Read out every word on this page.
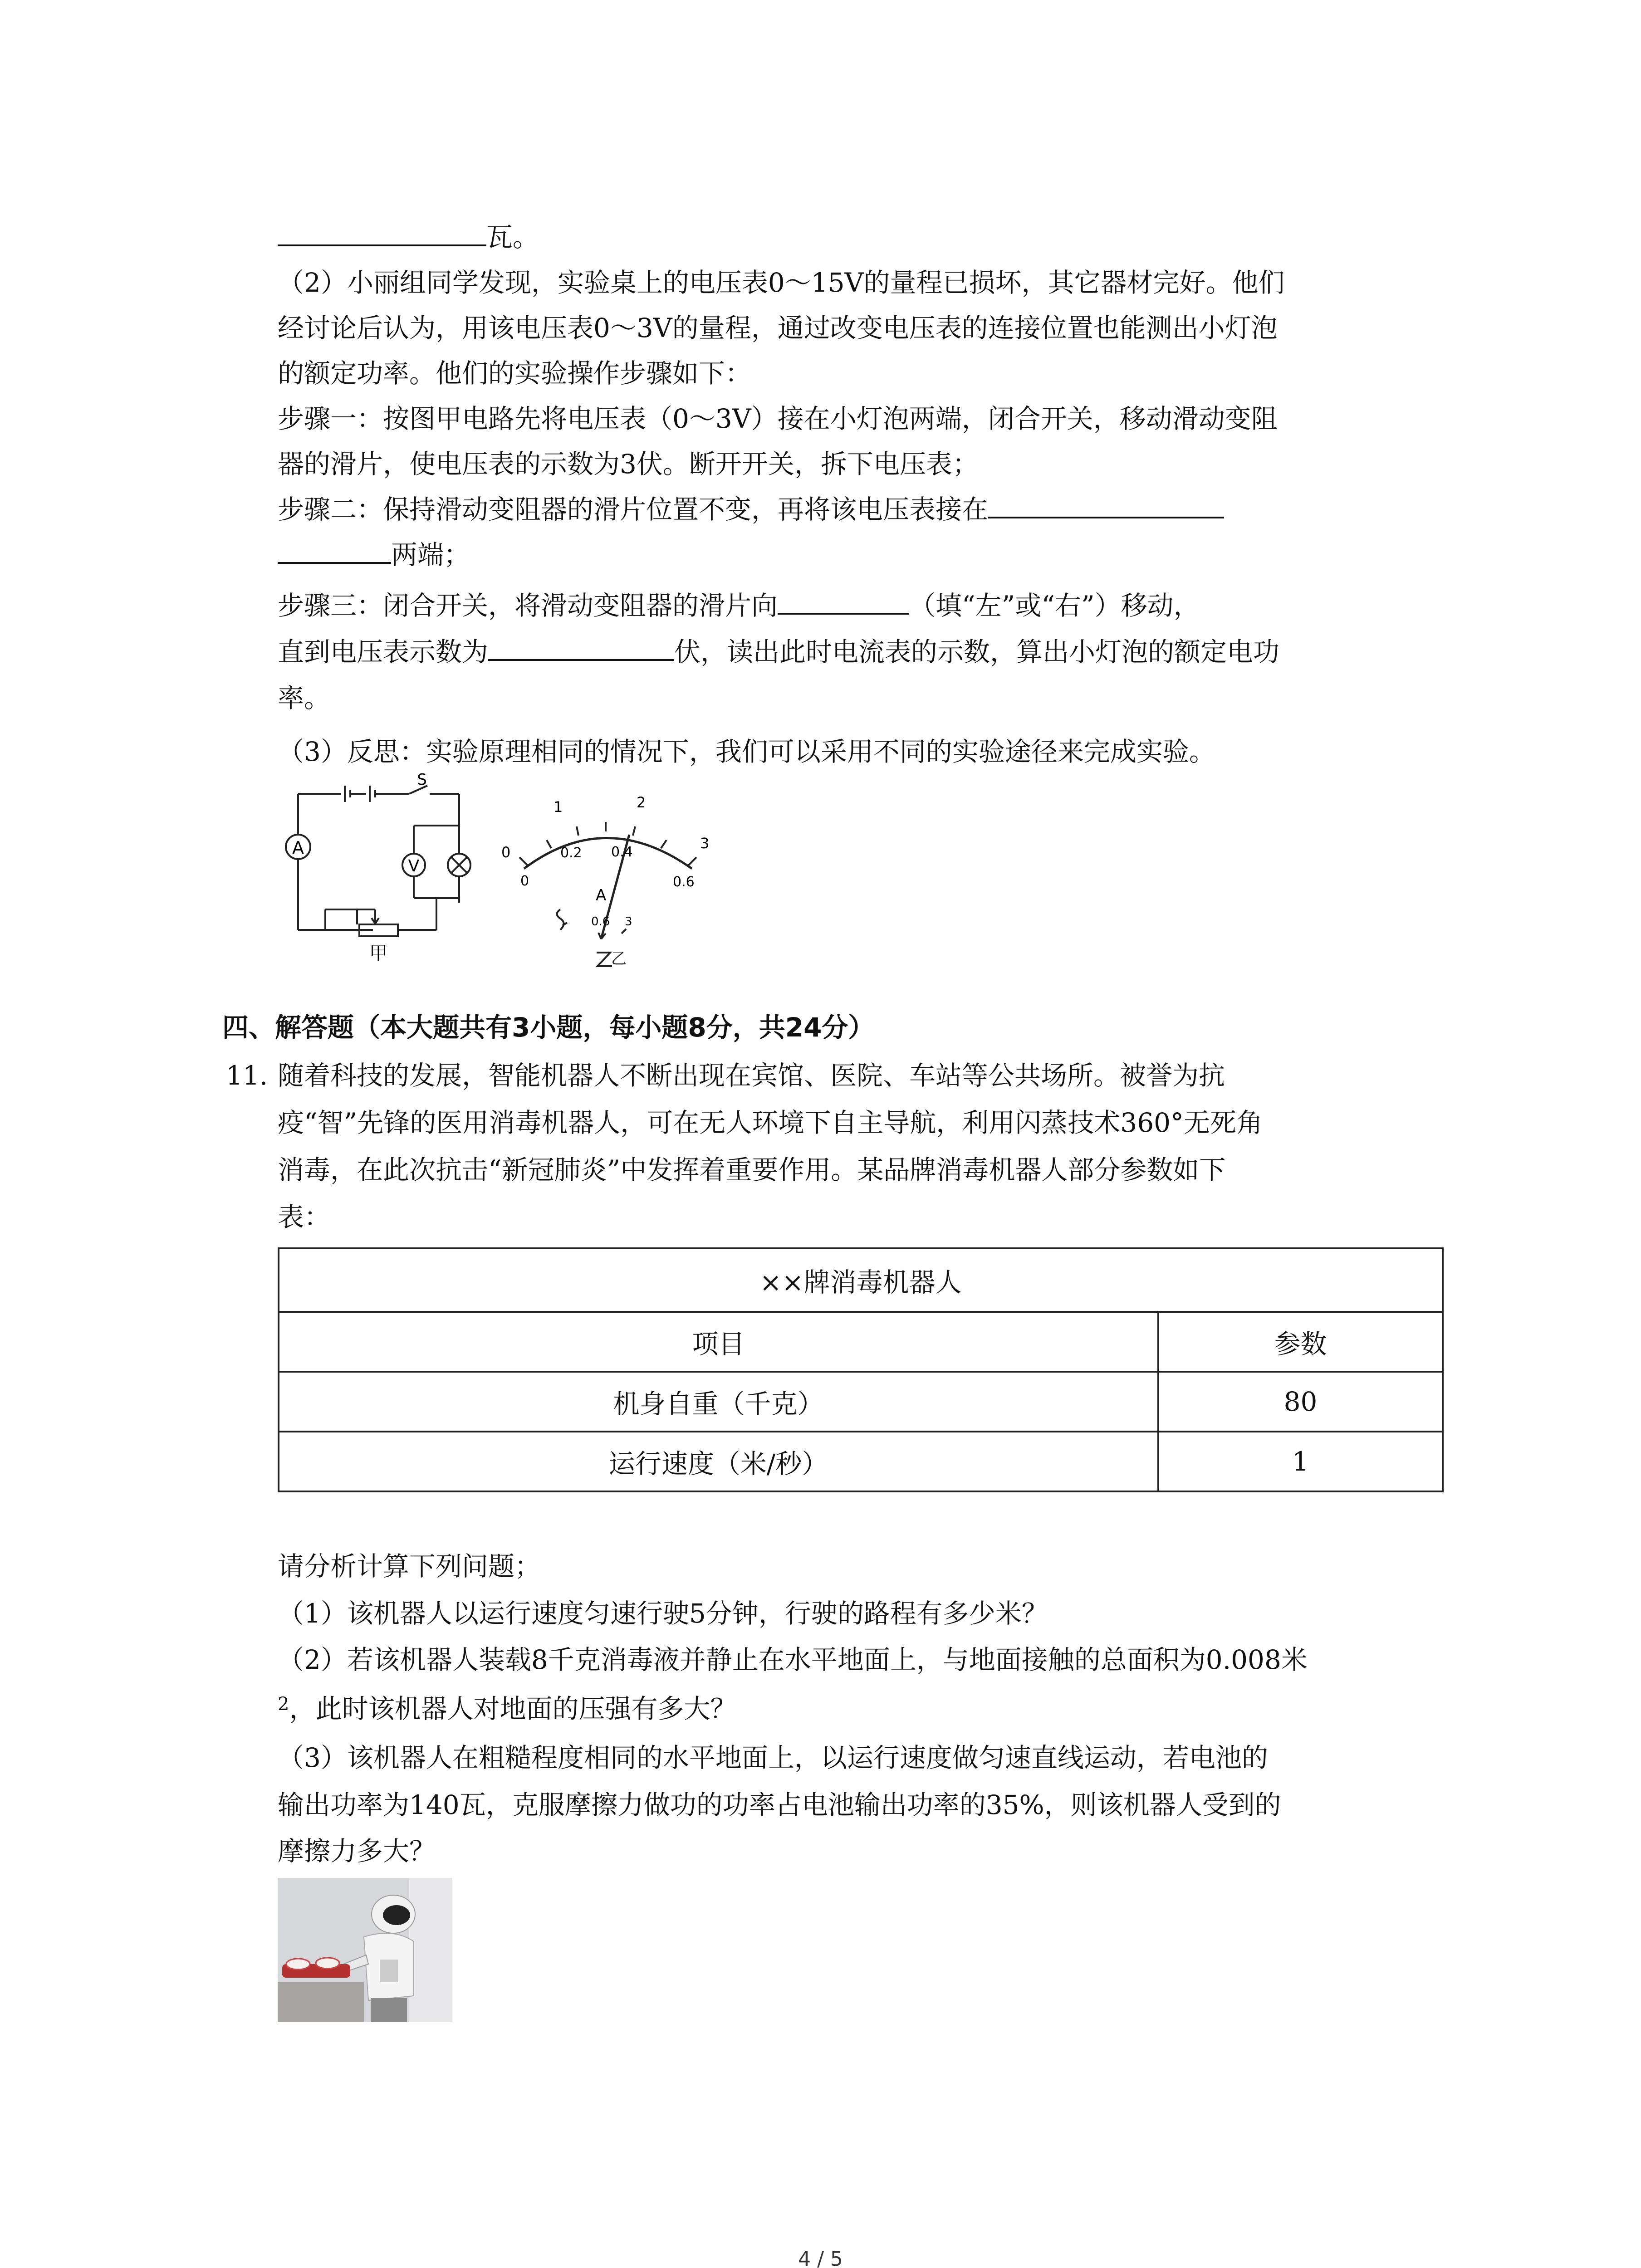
瓦。
（2）小丽组同学发现，实验桌上的电压表0～15V的量程已损坏，其它器材完好。他们
经讨论后认为，用该电压表0～3V的量程，通过改变电压表的连接位置也能测出小灯泡
的额定功率。他们的实验操作步骤如下：
步骤一：按图甲电路先将电压表（0～3V）接在小灯泡两端，闭合开关，移动滑动变阻
器的滑片，使电压表的示数为3伏。断开开关，拆下电压表；
步骤二：保持滑动变阻器的滑片位置不变，再将该电压表接在
两端；
步骤三：闭合开关，将滑动变阻器的滑片向	（填“左”或“右”）移动，
直到电压表示数为	伏，读出此时电流表的示数，算出小灯泡的额定电功
率。
（3）反思：实验原理相同的情况下，我们可以采用不同的实验途径来完成实验。
A
V
S
甲
0
1	2
3
0
0.2 0.4
0.6
A
0.6 3
乙
四、解答题（本大题共有3小题，每小题8分，共24分）
11. 随着科技的发展，智能机器人不断出现在宾馆、医院、车站等公共场所。被誉为抗
疫“智”先锋的医用消毒机器人，可在无人环境下自主导航，利用闪蒸技术360°无死角
消毒，在此次抗击“新冠肺炎”中发挥着重要作用。某品牌消毒机器人部分参数如下
表：
××牌消毒机器人	
项目	参数
机身自重（千克）	80
运行速度（米/秒）	1
请分析计算下列问题；
（1）该机器人以运行速度匀速行驶5分钟，行驶的路程有多少米？
（2）若该机器人装载8千克消毒液并静止在水平地面上，与地面接触的总面积为0.008米
$^2$，此时该机器人对地面的压强有多大？
（3）该机器人在粗糙程度相同的水平地面上，以运行速度做匀速直线运动，若电池的
输出功率为140瓦，克服摩擦力做功的功率占电池输出功率的35%，则该机器人受到的
摩擦力多大？
4 / 5
